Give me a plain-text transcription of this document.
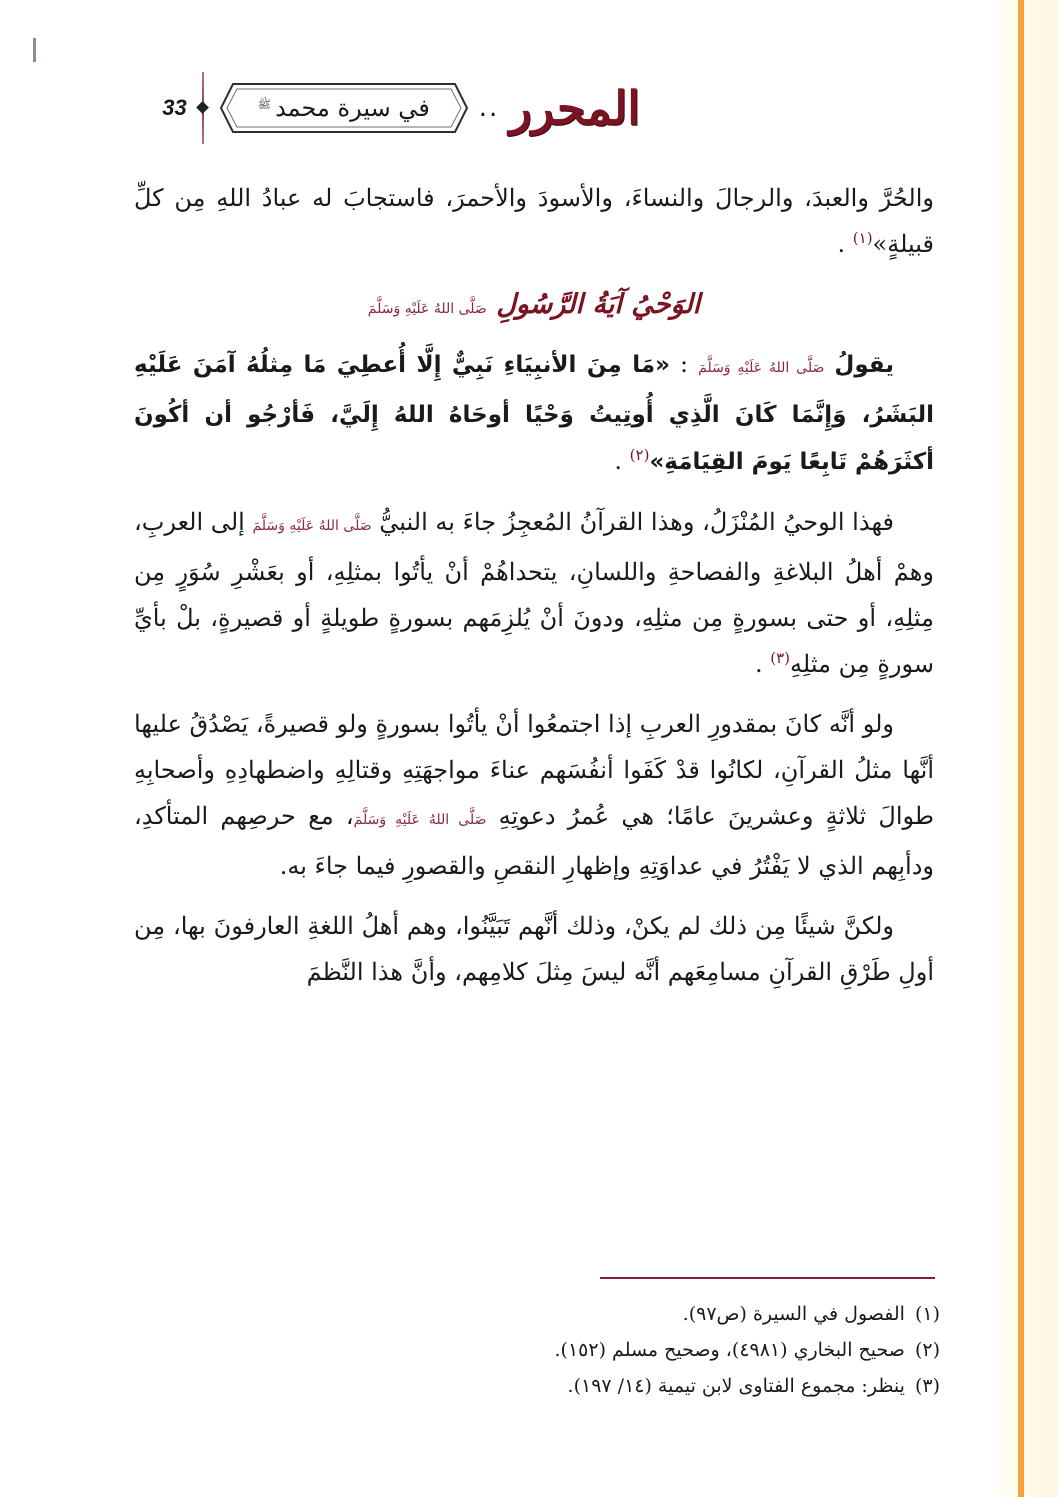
المحرر
..
في سيرة محمد
ﷺ
33

والحُرَّ والعبدَ، والرجالَ والنساءَ، والأسودَ والأحمرَ، فاستجابَ له عبادُ اللهِ مِن كلِّ قبيلةٍ»$^{(١)}$ .

الوَحْيُ آيَةُ الرَّسُولِ صَلَّى اللهُ عَلَيْهِ وَسَلَّمَ

يقولُ صَلَّى اللهُ عَلَيْهِ وَسَلَّمَ : «مَا مِنَ الأنبِيَاءِ نَبِيٌّ إِلَّا أُعطِيَ مَا مِثلُهُ آمَنَ عَلَيْهِ البَشَرُ، وَإِنَّمَا كَانَ الَّذِي أُوتِيتُ وَحْيًا أوحَاهُ اللهُ إِلَيَّ، فَأرْجُو أن أكُونَ أكثَرَهُمْ تَابِعًا يَومَ القِيَامَةِ»$^{(٢)}$ .

فهذا الوحيُ المُنْزَلُ، وهذا القرآنُ المُعجِزُ جاءَ به النبيُّ صَلَّى اللهُ عَلَيْهِ وَسَلَّمَ إلى العربِ، وهمْ أهلُ البلاغةِ والفصاحةِ واللسانِ، يتحداهُمْ أنْ يأتُوا بمثلِهِ، أو بعَشْرِ سُوَرٍ مِن مِثلِهِ، أو حتى بسورةٍ مِن مثلِهِ، ودونَ أنْ يُلزِمَهم بسورةٍ طويلةٍ أو قصيرةٍ، بلْ بأيِّ سورةٍ مِن مثلِهِ$^{(٣)}$ .

ولو أنَّه كانَ بمقدورِ العربِ إذا اجتمعُوا أنْ يأتُوا بسورةٍ ولو قصيرةً، يَصْدُقُ عليها أنَّها مثلُ القرآنِ، لكانُوا قدْ كَفَوا أنفُسَهم عناءَ مواجهَتِهِ وقتالِهِ واضطهادِهِ وأصحابِهِ طوالَ ثلاثةٍ وعشرينَ عامًا؛ هي عُمرُ دعوتِهِ صَلَّى اللهُ عَلَيْهِ وَسَلَّمَ، مع حرصِهم المتأكدِ، ودأبِهم الذي لا يَفْتُرُ في عداوَتِهِ وإظهارِ النقصِ والقصورِ فيما جاءَ به.

ولكنَّ شيئًا مِن ذلك لم يكنْ، وذلك أنَّهم تَبَيَّنُوا، وهم أهلُ اللغةِ العارفونَ بها، مِن أولِ طَرْقِ القرآنِ مسامِعَهم أنَّه ليسَ مِثلَ كلامِهم، وأنَّ هذا النَّظمَ

(١)الفصول في السيرة (ص٩٧).

(٢)صحيح البخاري (٤٩٨١)، وصحيح مسلم (١٥٢).

(٣)ينظر: مجموع الفتاوى لابن تيمية (١٤/ ١٩٧).
